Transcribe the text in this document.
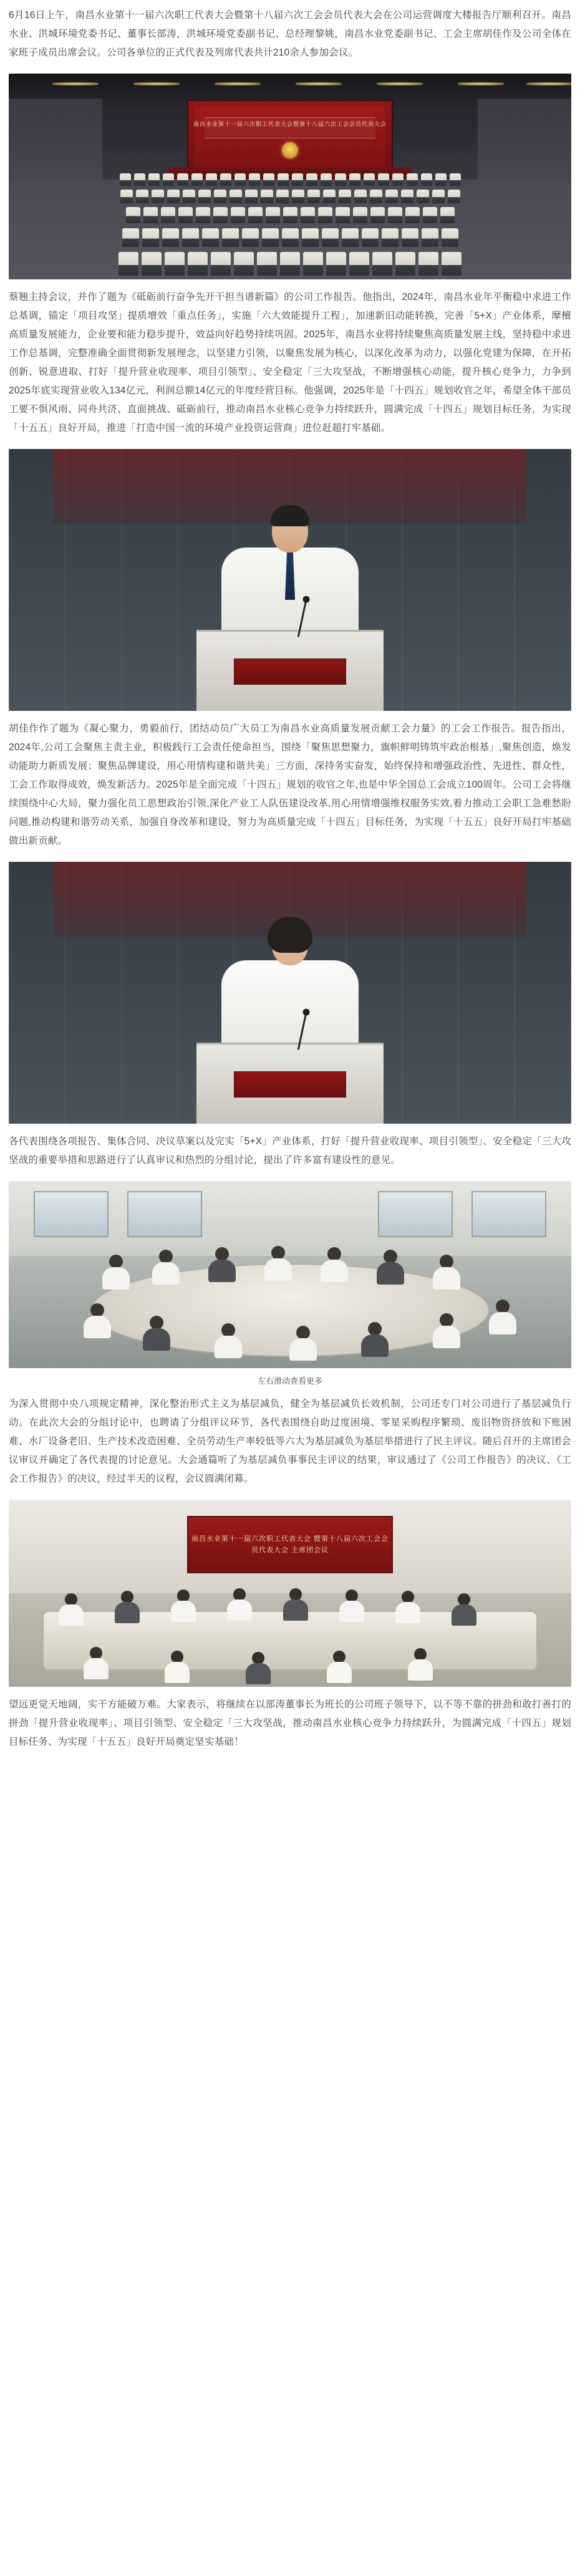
6月16日上午，南昌水业第十一届六次职工代表大会暨第十八届六次工会会员代表大会在公司运营调度大楼报告厅顺利召开。南昌水业、洪城环境党委书记、董事长部涛，洪城环境党委副书记、总经理黎姚，南昌水业党委副书记、工会主席胡佳作及公司全体在家班子成员出席会议。公司各单位的正式代表及列席代表共计210余人参加会议。

南昌水业第十一届六次职工代表大会暨第十八届六次工会会员代表大会

蔡翘主持会议，并作了题为《砥砺前行奋争先开干担当谱新篇》的公司工作报告。他指出，2024年，南昌水业年平衡稳中求进工作总基调，锚定「项目攻坚」提质增效「重点任务」，实施「六大效能提升工程」，加速新旧动能转换，完善「5+X」产业体系，摩檀高质量发展能力，企业要和能力稳步提升，效益向好趋势持续巩固。2025年，南昌水业将持续聚焦高质量发展主线，坚持稳中求进工作总基调，完整准确全面贯彻新发展理念，以坚建力引领，以聚焦发展为核心，以深化改革为动力，以强化党建为保障，在开拓创新、锐意进取、打好「提升营业收现率、项目引领型」、安全稳定「三大攻坚战，不断增强核心动能，提升核心竞争力，力争到2025年底实现营业收入134亿元，利润总额14亿元的年度经营目标。他强调，2025年是「十四五」规划收官之年，希望全体干部员工要不惧风雨、同舟共济、直面挑战、砥砺前行，推动南昌水业核心竞争力持续跃升，圆满完成「十四五」规划目标任务，为实现「十五五」良好开局，推进「打造中国一流的环境产业投资运营商」进位赶超打牢基础。

胡佳作作了题为《凝心聚力，勇毅前行，团结动员广大员工为南昌水业高质量发展贡献工会力量》的工会工作报告。报告指出，2024年,公司工会聚焦主责主业，积极践行工会责任使命担当，围绕「聚焦思想聚力，旗帜鲜明铸筑牢政治根基」,聚焦创造，焕发动能助力新质发展；聚焦品牌建设，用心用情构建和谐共美」三方面，深持务实奋发，始终保持和增强政治性、先进性、群众性，工会工作取得成效，焕发新活力。2025年是全面完成「十四五」规划的收官之年,也是中华全国总工会成立100周年。公司工会将继续围绕中心大局，聚力强化员工思想政治引领,深化产业工人队伍建设改革,用心用情增强维权服务实效,着力推动工会职工急难愁盼问题,推动构建和谐劳动关系，加强自身改革和建设，努力为高质量完成「十四五」目标任务，为实现「十五五」良好开局打牢基础做出新贡献。

各代表围绕各项报告、集体合同、决议草案以及完实「5+X」产业体系，打好「提升营业收现率、项目引领型」、安全稳定「三大攻坚战的重要举措和思路进行了认真审议和热烈的分组讨论，提出了许多富有建设性的意见。

左右滑动查看更多

为深入贯彻中央八项规定精神，深化整治形式主义为基层减负，健全为基层减负长效机制，公司还专门对公司进行了基层减负行动。在此次大会的分组讨论中，也聘请了分组评议环节，各代表围绕自助过度困境、零星采购程序繁琐、废旧物资挤放和下账困难、水厂设备老旧、生产技术改造困难、全员劳动生产率较低等六大为基层减负为基层举措进行了民主评议。随后召开的主席团会议审议并确定了各代表提的讨论意见。大会通篇听了为基层减负事事民主评议的结果，审议通过了《公司工作报告》的决议、《工会工作报告》的决议，经过半天的议程，会议圆满闭幕。

南昌水业第十一届六次职工代表大会 暨第十八届六次工会会员代表大会 主席团会议

望远更觉天地阔，实干方能破万难。大家表示，将继续在以部涛董事长为班长的公司班子领导下，以不等不靠的拼劲和敢打善打的拼劲「提升营业收现率」、项目引领型、安全稳定「三大攻坚战，推动南昌水业核心竞争力持续跃升，为圆满完成「十四五」规划目标任务、为实现「十五五」良好开局奠定坚实基础！
